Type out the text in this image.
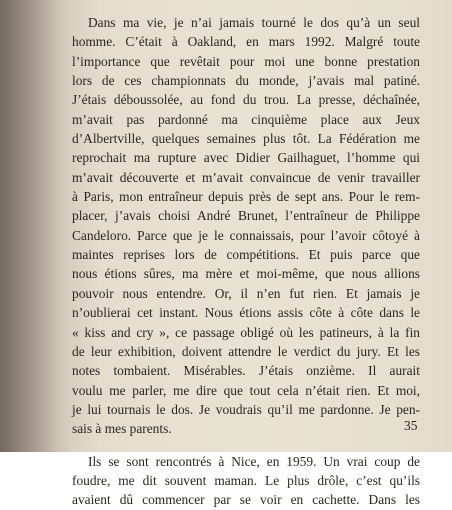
Dans ma vie, je n’ai jamais tourné le dos qu’à un seul
homme. C’était à Oakland, en mars 1992. Malgré toute
l’importance que revêtait pour moi une bonne prestation
lors de ces championnats du monde, j’avais mal patiné.
J’étais déboussolée, au fond du trou. La presse, déchaînée,
m’avait pas pardonné ma cinquième place aux Jeux
d’Albertville, quelques semaines plus tôt. La Fédération me
reprochait ma rupture avec Didier Gailhaguet, l’homme qui
m’avait découverte et m’avait convaincue de venir travailler
à Paris, mon entraîneur depuis près de sept ans. Pour le rem-
placer, j’avais choisi André Brunet, l’entraîneur de Philippe
Candeloro. Parce que je le connaissais, pour l’avoir côtoyé à
maintes reprises lors de compétitions. Et puis parce que
nous étions sûres, ma mère et moi-même, que nous allions
pouvoir nous entendre. Or, il n’en fut rien. Et jamais je
n’oublierai cet instant. Nous étions assis côte à côte dans le
« kiss and cry », ce passage obligé où les patineurs, à la fin
de leur exhibition, doivent attendre le verdict du jury. Et les
notes tombaient. Misérables. J’étais onzième. Il aurait
voulu me parler, me dire que tout cela n’était rien. Et moi,
je lui tournais le dos. Je voudrais qu’il me pardonne. Je pen-
sais à mes parents.

Ils se sont rencontrés à Nice, en 1959. Un vrai coup de
foudre, me dit souvent maman. Le plus drôle, c’est qu’ils
avaient dû commencer par se voir en cachette. Dans les

35
